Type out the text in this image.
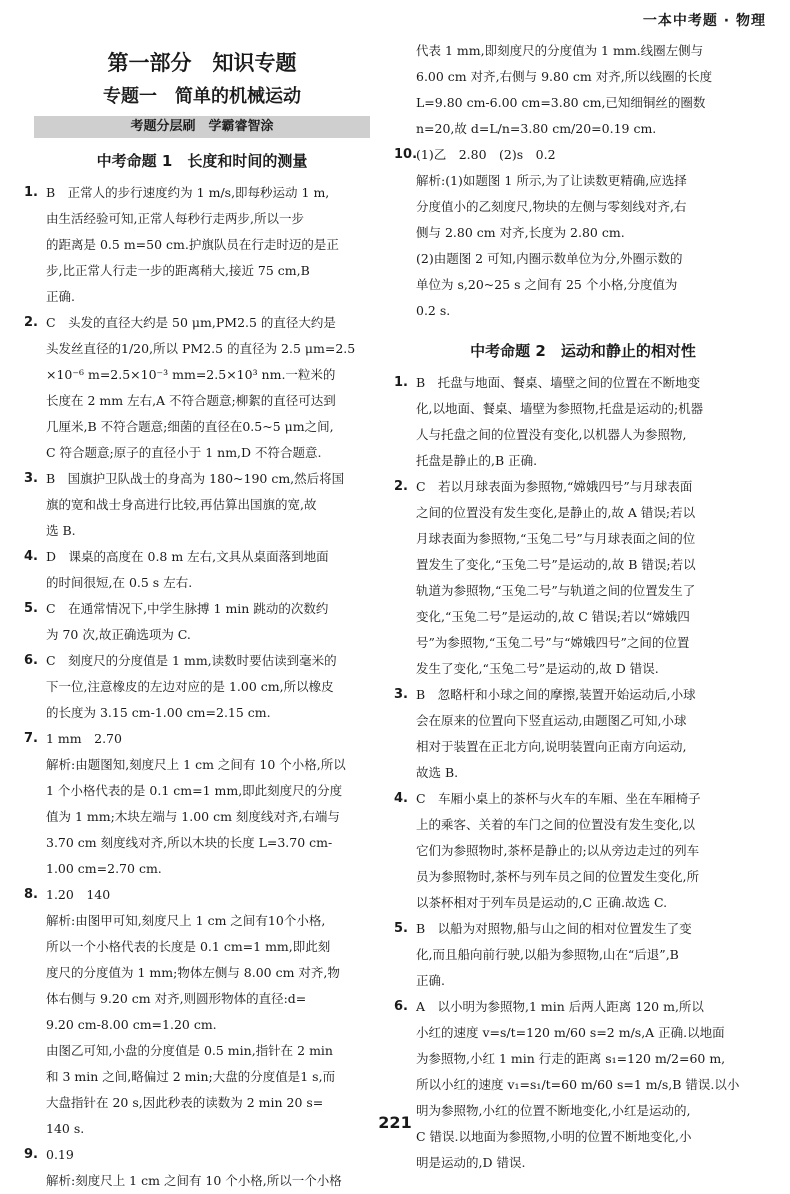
一本中考题 · 物理
第一部分　知识专题
专题一　简单的机械运动
考题分层刷　学霸睿智涂
中考命题 1　长度和时间的测量
1. B　正常人的步行速度约为 1 m/s,即每秒运动 1 m,
由生活经验可知,正常人每秒行走两步,所以一步
的距离是 0.5 m=50 cm.护旗队员在行走时迈的是正
步,比正常人行走一步的距离稍大,接近 75 cm,B
正确.
2. C　头发的直径大约是 50 μm,PM2.5 的直径大约是
头发丝直径的1/20,所以 PM2.5 的直径为 2.5 μm=2.5
×10⁻⁶ m=2.5×10⁻³ mm=2.5×10³ nm.一粒米的
长度在 2 mm 左右,A 不符合题意;柳絮的直径可达到
几厘米,B 不符合题意;细菌的直径在0.5~5 μm之间,
C 符合题意;原子的直径小于 1 nm,D 不符合题意.
3. B　国旗护卫队战士的身高为 180~190 cm,然后将国
旗的宽和战士身高进行比较,再估算出国旗的宽,故
选 B.
4. D　课桌的高度在 0.8 m 左右,文具从桌面落到地面
的时间很短,在 0.5 s 左右.
5. C　在通常情况下,中学生脉搏 1 min 跳动的次数约
为 70 次,故正确选项为 C.
6. C　刻度尺的分度值是 1 mm,读数时要估读到毫米的
下一位,注意橡皮的左边对应的是 1.00 cm,所以橡皮
的长度为 3.15 cm-1.00 cm=2.15 cm.
7. 1 mm　2.70
解析:由题图知,刻度尺上 1 cm 之间有 10 个小格,所以
1 个小格代表的是 0.1 cm=1 mm,即此刻度尺的分度
值为 1 mm;木块左端与 1.00 cm 刻度线对齐,右端与
3.70 cm 刻度线对齐,所以木块的长度 L=3.70 cm-
1.00 cm=2.70 cm.
8. 1.20　140
解析:由图甲可知,刻度尺上 1 cm 之间有10个小格,
所以一个小格代表的长度是 0.1 cm=1 mm,即此刻
度尺的分度值为 1 mm;物体左侧与 8.00 cm 对齐,物
体右侧与 9.20 cm 对齐,则圆形物体的直径:d=
9.20 cm-8.00 cm=1.20 cm.
由图乙可知,小盘的分度值是 0.5 min,指针在 2 min
和 3 min 之间,略偏过 2 min;大盘的分度值是1 s,而
大盘指针在 20 s,因此秒表的读数为 2 min 20 s=
140 s.
9. 0.19
解析:刻度尺上 1 cm 之间有 10 个小格,所以一个小格
代表 1 mm,即刻度尺的分度值为 1 mm.线圈左侧与
6.00 cm 对齐,右侧与 9.80 cm 对齐,所以线圈的长度
L=9.80 cm-6.00 cm=3.80 cm,已知细铜丝的圈数
n=20,故 d=L/n=3.80 cm/20=0.19 cm.
10.
(1)乙　2.80　(2)s　0.2
解析:(1)如题图 1 所示,为了让读数更精确,应选择
分度值小的乙刻度尺,物块的左侧与零刻线对齐,右
侧与 2.80 cm 对齐,长度为 2.80 cm.
(2)由题图 2 可知,内圈示数单位为分,外圈示数的
单位为 s,20~25 s 之间有 25 个小格,分度值为
0.2 s.
中考命题 2　运动和静止的相对性
1. B　托盘与地面、餐桌、墙壁之间的位置在不断地变
化,以地面、餐桌、墙壁为参照物,托盘是运动的;机器
人与托盘之间的位置没有变化,以机器人为参照物,
托盘是静止的,B 正确.
2. C　若以月球表面为参照物,“嫦娥四号”与月球表面
之间的位置没有发生变化,是静止的,故 A 错误;若以
月球表面为参照物,“玉兔二号”与月球表面之间的位
置发生了变化,“玉兔二号”是运动的,故 B 错误;若以
轨道为参照物,“玉兔二号”与轨道之间的位置发生了
变化,“玉兔二号”是运动的,故 C 错误;若以“嫦娥四
号”为参照物,“玉兔二号”与“嫦娥四号”之间的位置
发生了变化,“玉兔二号”是运动的,故 D 错误.
3. B　忽略杆和小球之间的摩擦,装置开始运动后,小球
会在原来的位置向下竖直运动,由题图乙可知,小球
相对于装置在正北方向,说明装置向正南方向运动,
故选 B.
4. C　车厢小桌上的茶杯与火车的车厢、坐在车厢椅子
上的乘客、关着的车门之间的位置没有发生变化,以
它们为参照物时,茶杯是静止的;以从旁边走过的列车
员为参照物时,茶杯与列车员之间的位置发生变化,所
以茶杯相对于列车员是运动的,C 正确.故选 C.
5. B　以船为对照物,船与山之间的相对位置发生了变
化,而且船向前行驶,以船为参照物,山在“后退”,B
正确.
6. A　以小明为参照物,1 min 后两人距离 120 m,所以
小红的速度 v=s/t=120 m/60 s=2 m/s,A 正确.以地面
为参照物,小红 1 min 行走的距离 s₁=120 m/2=60 m,
所以小红的速度 v₁=s₁/t=60 m/60 s=1 m/s,B 错误.以小
明为参照物,小红的位置不断地变化,小红是运动的,
C 错误.以地面为参照物,小明的位置不断地变化,小
明是运动的,D 错误.
221
